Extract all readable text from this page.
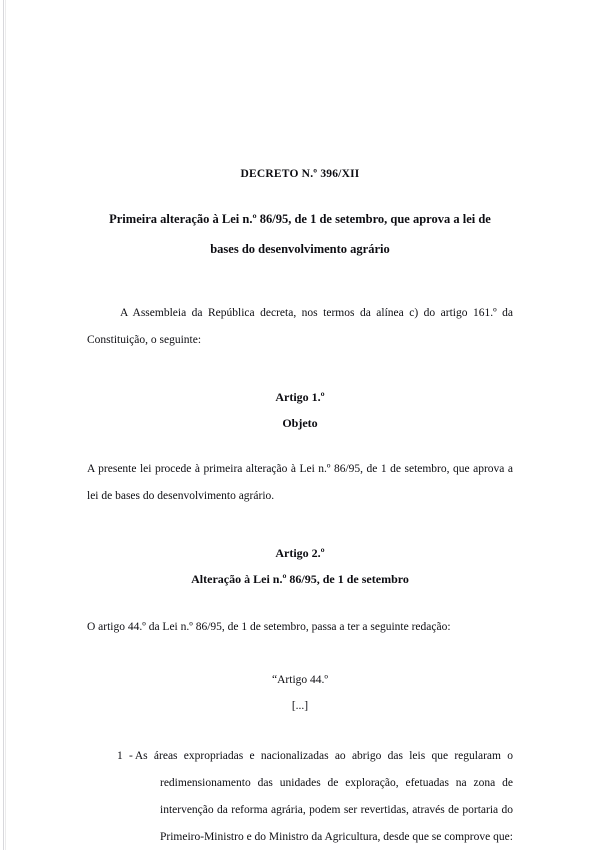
DECRETO N.º 396/XII
Primeira alteração à Lei n.º 86/95, de 1 de setembro, que aprova a lei de
bases do desenvolvimento agrário

A Assembleia da República decreta, nos termos da alínea c) do artigo 161.º da Constituição, o seguinte:

Artigo 1.º
Objeto

A presente lei procede à primeira alteração à Lei n.º 86/95, de 1 de setembro, que aprova a lei de bases do desenvolvimento agrário.

Artigo 2.º
Alteração à Lei n.º 86/95, de 1 de setembro

O artigo 44.º da Lei n.º 86/95, de 1 de setembro, passa a ter a seguinte redação:

“Artigo 44.º
[...]
1 - As áreas expropriadas e nacionalizadas ao abrigo das leis que regularam o redimensionamento das unidades de exploração, efetuadas na zona de intervenção da reforma agrária, podem ser revertidas, através de portaria do Primeiro-Ministro e do Ministro da Agricultura, desde que se comprove que:
